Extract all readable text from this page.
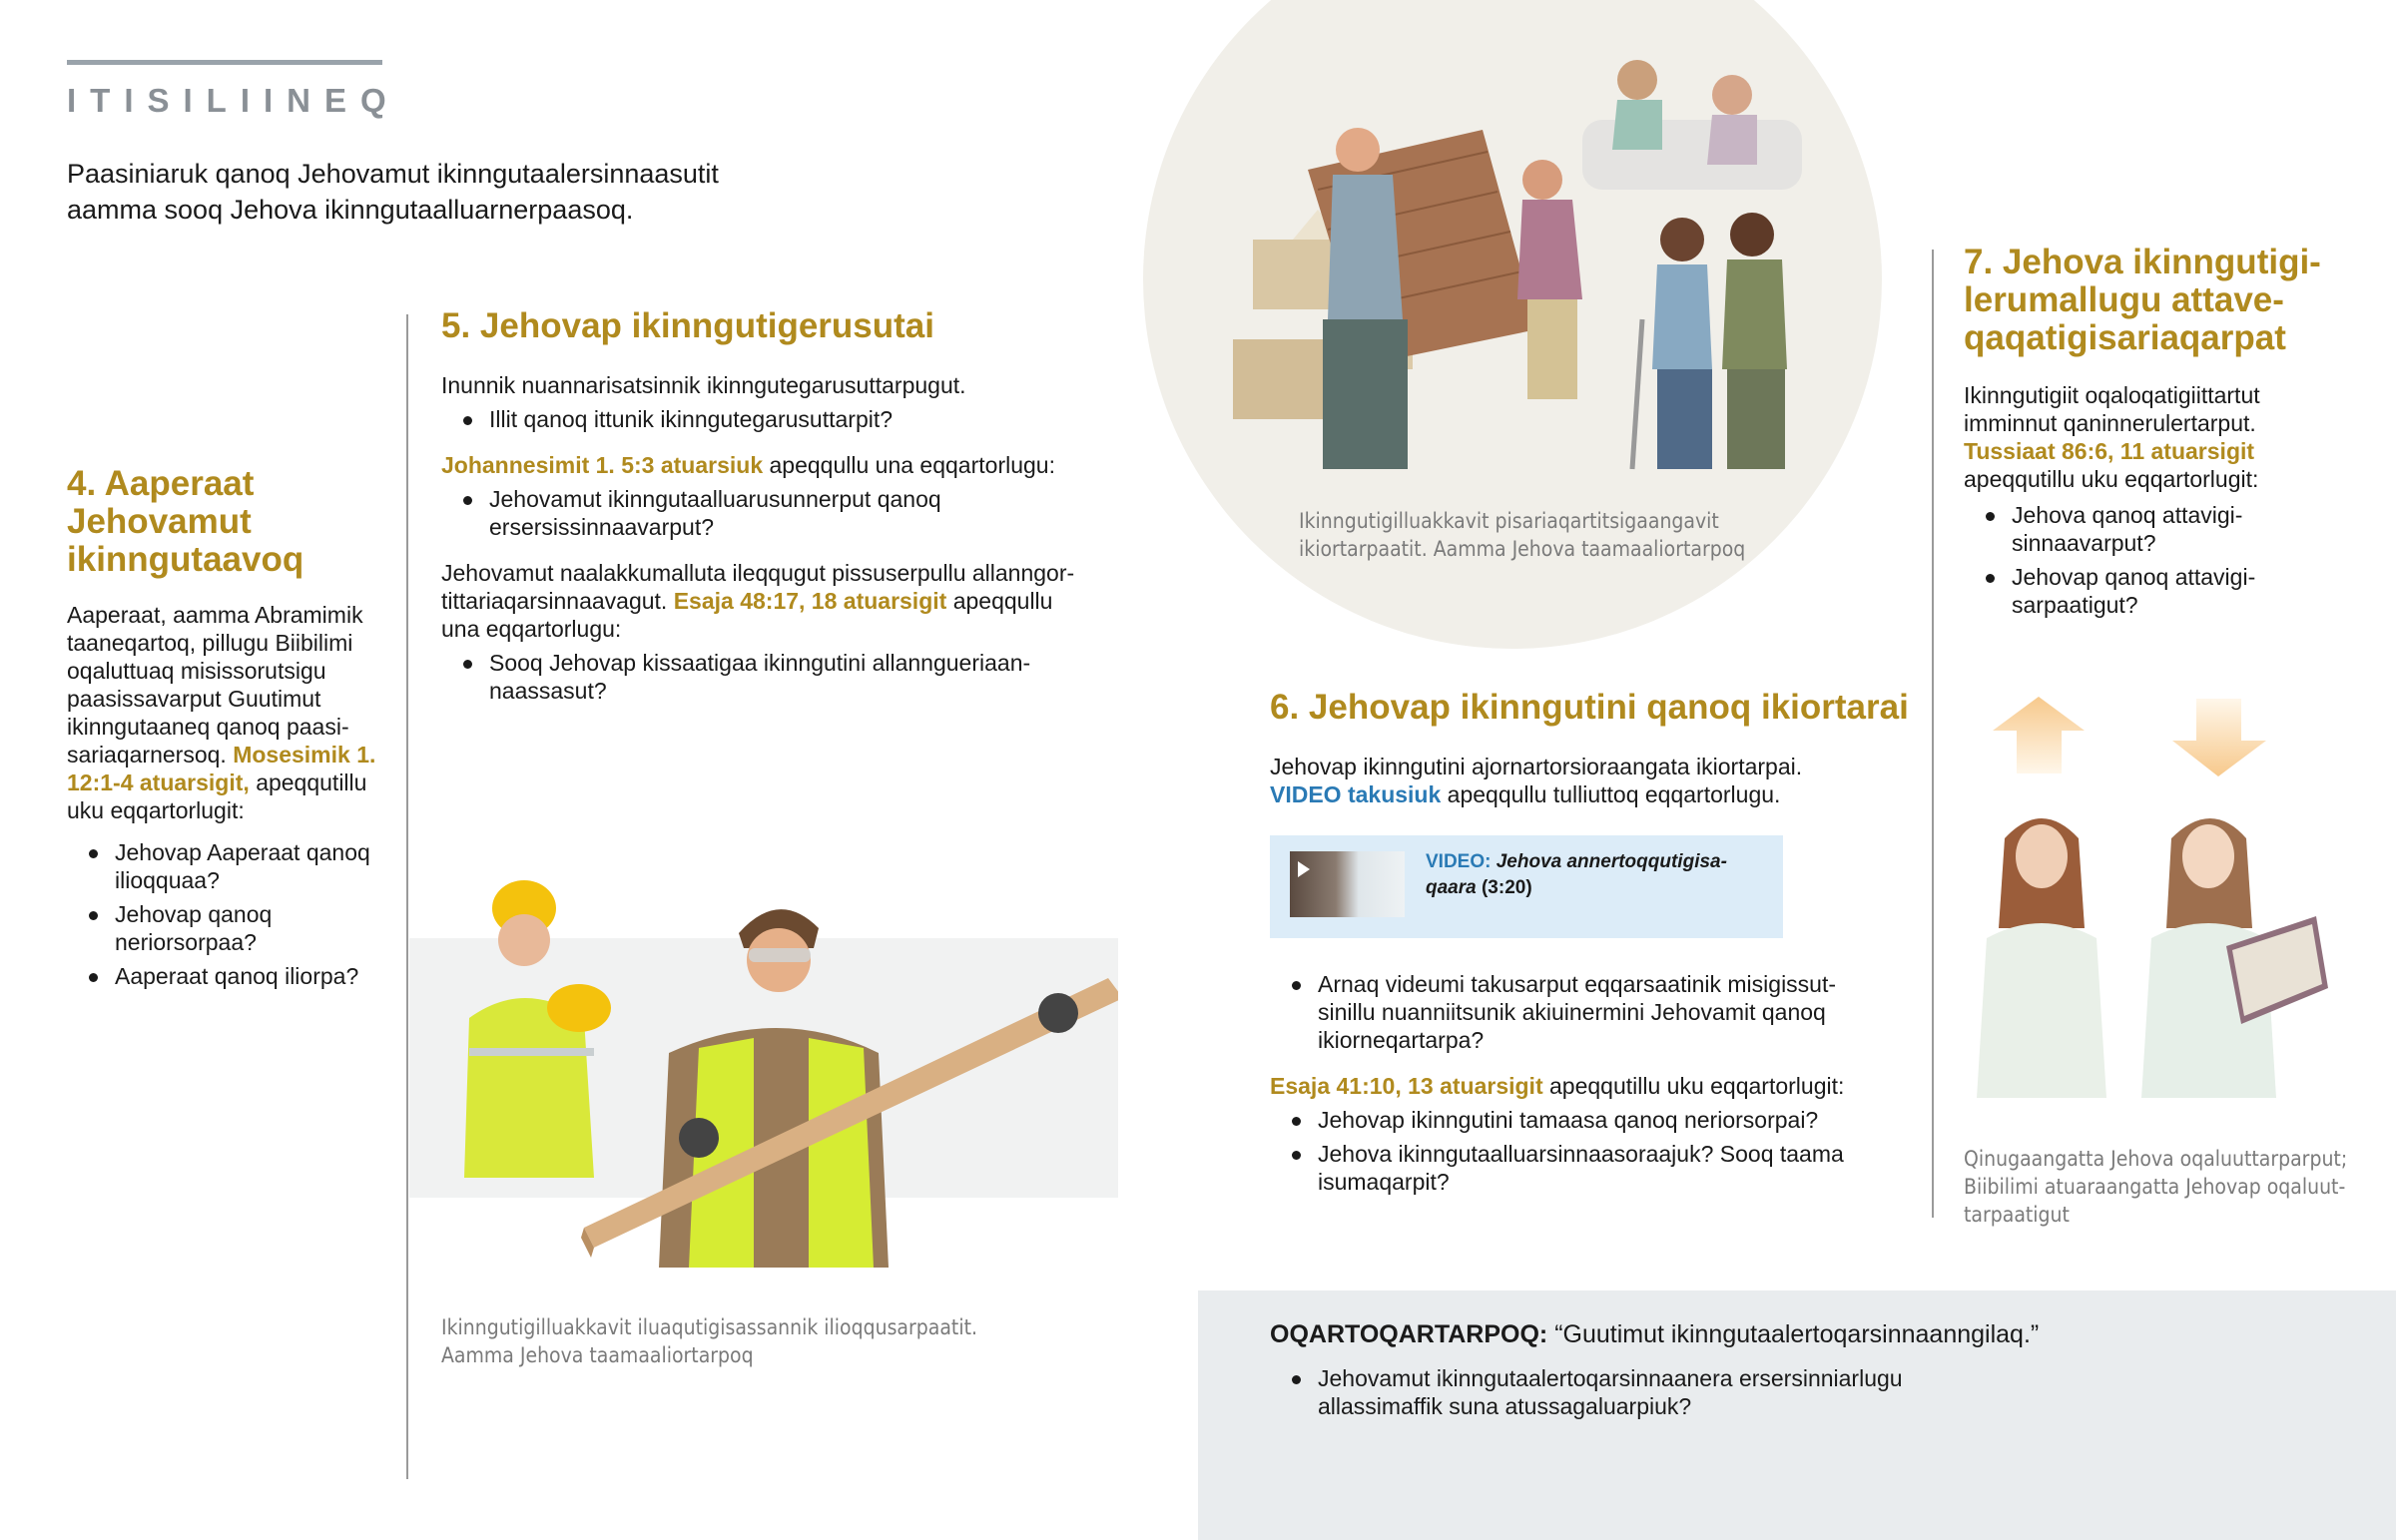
ITISILIINEQ

Paasiniaruk qanoq Jehovamut ikinngutaalersinnaasutit aamma sooq Jehova ikinngutaalluarnerpaasoq.

4. Aaperaat Jehovamut ikinngutaavoq

Aaperaat, aamma Abramimik taaneqartoq, pillugu Biibilimi oqaluttuaq misissorutsigu paasissavarput Guutimut ikinngutaaneq qanoq paasi-sariaqarnersoq. Mosesimik 1. 12:1-4 atuarsigit, apeqqutillu uku eqqartorlugit:

Jehovap Aaperaat qanoq ilioqquaa?
Jehovap qanoq neriorsorpaa?
Aaperaat qanoq iliorpa?
5. Jehovap ikinngutigerusutai

Inunnik nuannarisatsinnik ikinngutegarusuttarpugut.

Illit qanoq ittunik ikinngutegarusuttarpit?

Johannesimit 1. 5:3 atuarsiuk apeqqullu una eqqartorlugu:

Jehovamut ikinngutaalluarusunnerput qanoq ersersissinnaavarput?

Jehovamut naalakkumalluta ileqqugut pissuserpullu allanngor-tittariaqarsinnaavagut. Esaja 48:17, 18 atuarsigit apeqqullu una eqqartorlugu:

Sooq Jehovap kissaatigaa ikinngutini allanngueriaan-naassasut?

Ikinngutigilluakkavit iluaqutigisassannik ilioqqusarpaatit. Aamma Jehova taamaaliortarpoq

Ikinngutigilluakkavit pisariaqartitsigaangavit ikiortarpaatit. Aamma Jehova taamaaliortarpoq

6. Jehovap ikinngutini qanoq ikiortarai

Jehovap ikinngutini ajornartorsioraangata ikiortarpai.

VIDEO takusiuk apeqqullu tulliuttoq eqqartorlugu.

VIDEO: Jehova annertoqqutigisa-qaara (3:20)
Arnaq videumi takusarput eqqarsaatinik misigissut-sinillu nuanniitsunik akiuinermini Jehovamit qanoq ikiorneqartarpa?

Esaja 41:10, 13 atuarsigit apeqqutillu uku eqqartorlugit:

Jehovap ikinngutini tamaasa qanoq neriorsorpai?
Jehova ikinngutaalluarsinnaasoraajuk? Sooq taama isumaqarpit?
7. Jehova ikinngutigi-lerumallugu attave-qaqatigisariaqarpat

Ikinngutigiit oqaloqatigiittartut imminnut qaninnerulertarput.

Tussiaat 86:6, 11 atuarsigit apeqqutillu uku eqqartorlugit:

Jehova qanoq attavigi-sinnaavarput?
Jehovap qanoq attavigi-sarpaatigut?

Qinugaangatta Jehova oqaluuttarparput; Biibilimi atuaraangatta Jehovap oqaluut-tarpaatigut

OQARTOQARTARPOQ: “Guutimut ikinngutaalertoqarsinnaanngilaq.”

Jehovamut ikinngutaalertoqarsinnaanera ersersinniarlugu allassimaffik suna atussagaluarpiuk?
